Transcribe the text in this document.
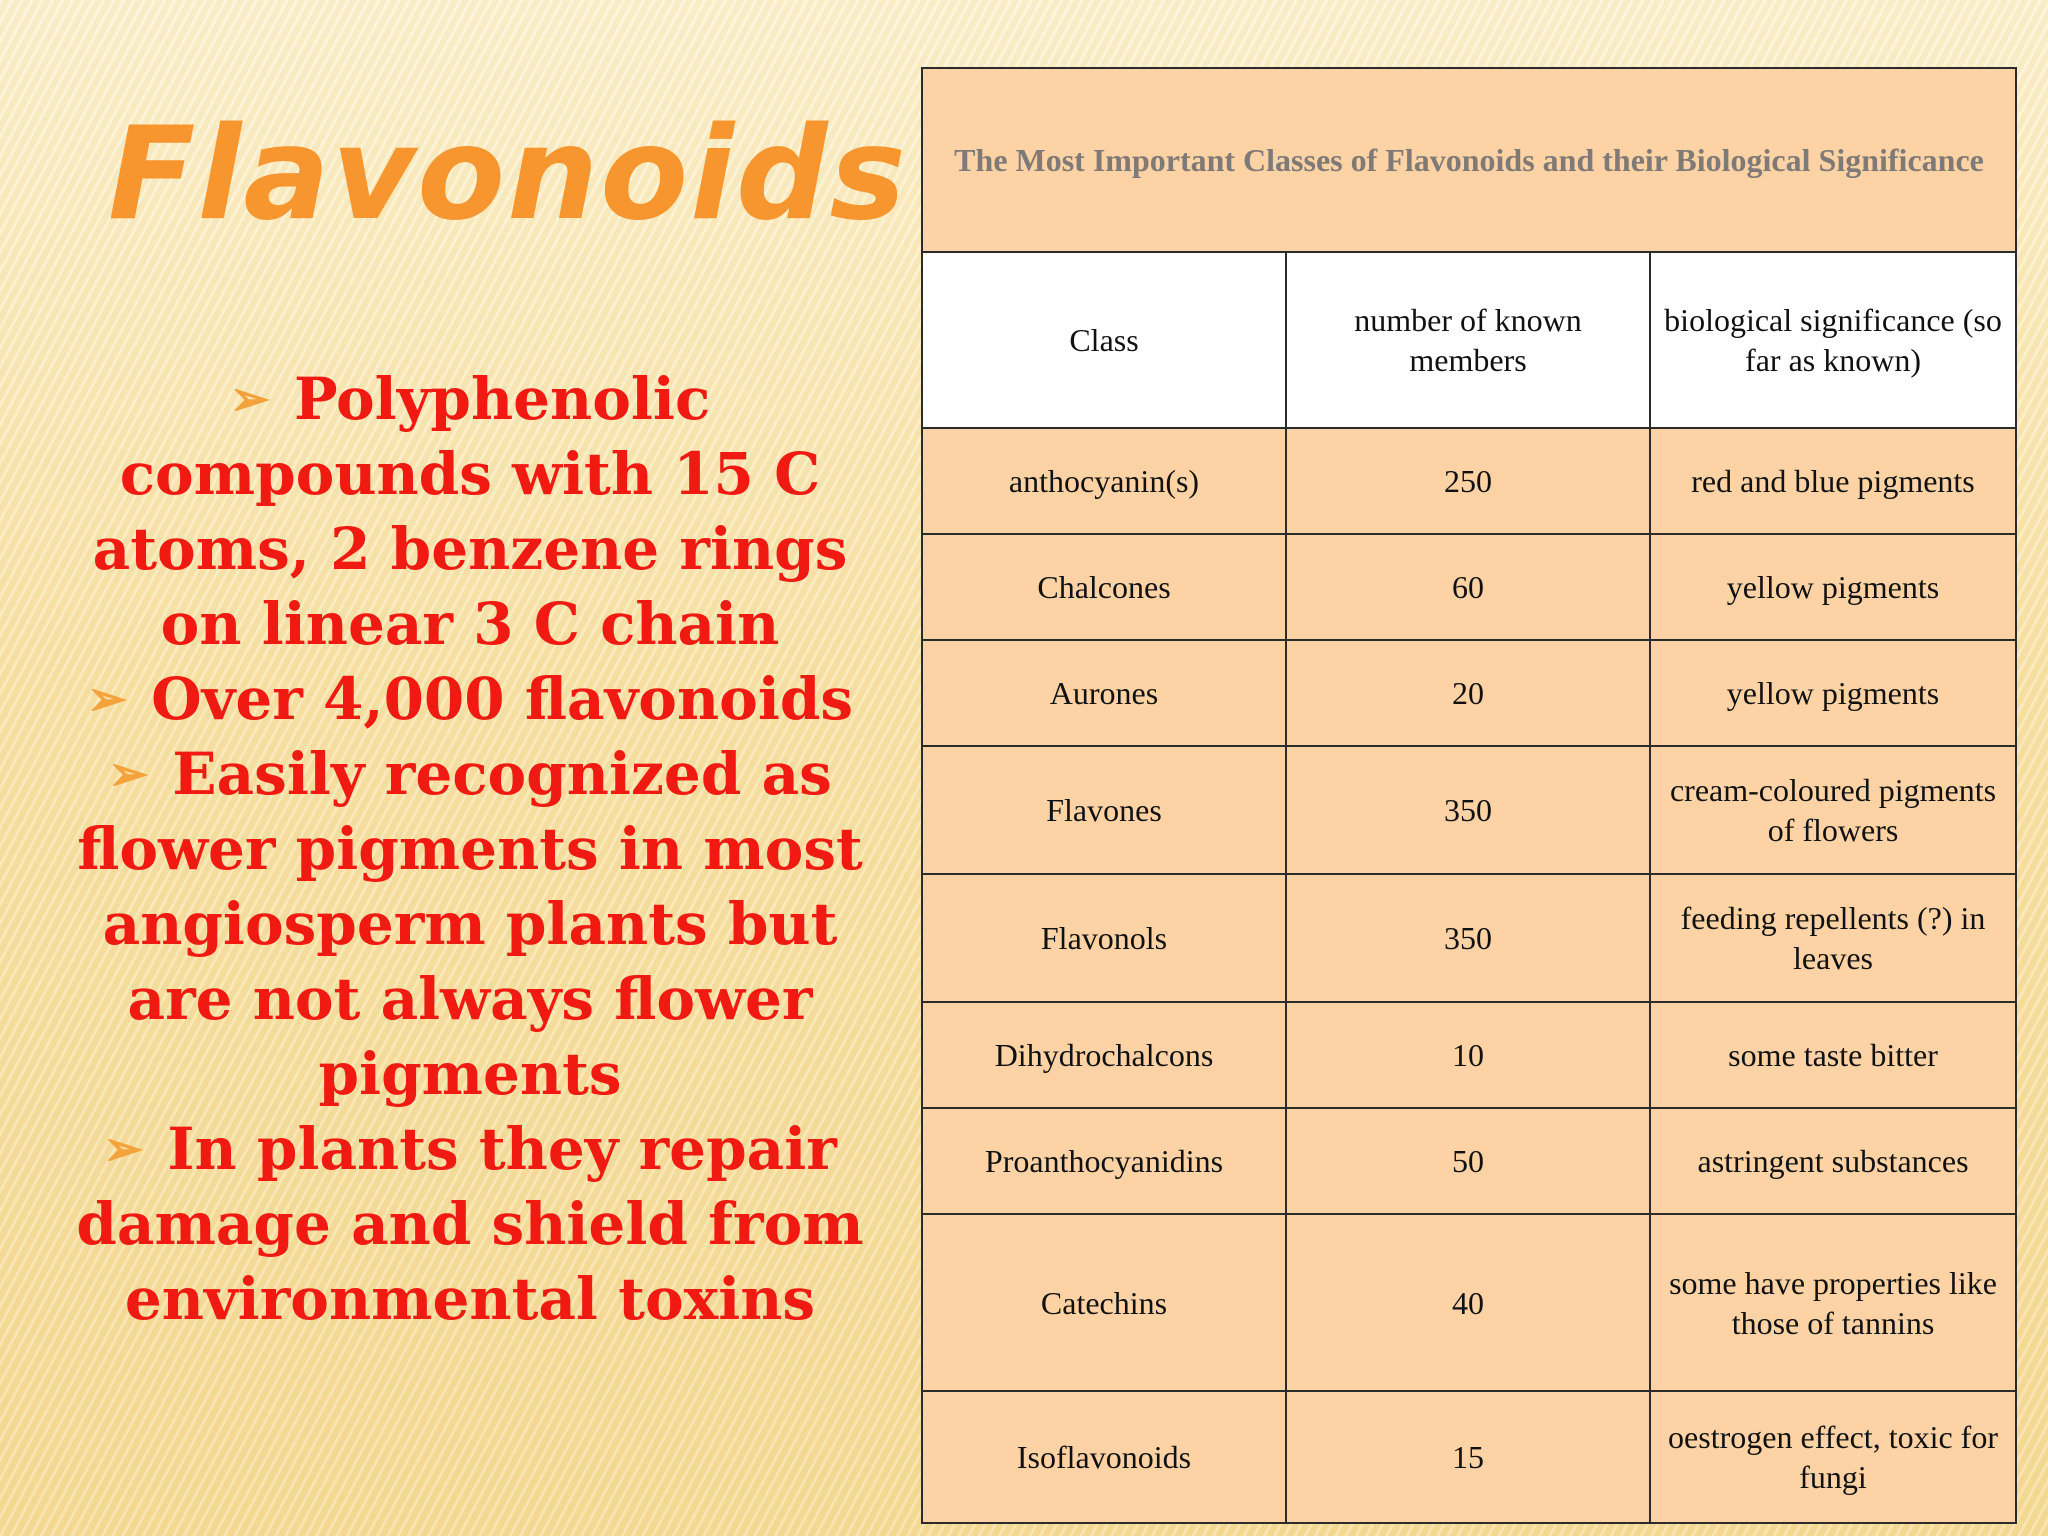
Flavonoids

➢ Polyphenolic compounds with 15 C atoms, 2 benzene rings on linear 3 C chain

➢ Over 4,000 flavonoids

➢ Easily recognized as flower pigments in most angiosperm plants but are not always flower pigments

➢ In plants they repair damage and shield from environmental toxins

The Most Important Classes of Flavonoids and their Biological Significance		
Class	number of known members	biological significance (so far as known)
anthocyanin(s)	250	red and blue pigments
Chalcones	60	yellow pigments
Aurones	20	yellow pigments
Flavones	350	cream-coloured pigments of flowers
Flavonols	350	feeding repellents (?) in leaves
Dihydrochalcons	10	some taste bitter
Proanthocyanidins	50	astringent substances
Catechins	40	some have properties like those of tannins
Isoflavonoids	15	oestrogen effect, toxic for fungi
